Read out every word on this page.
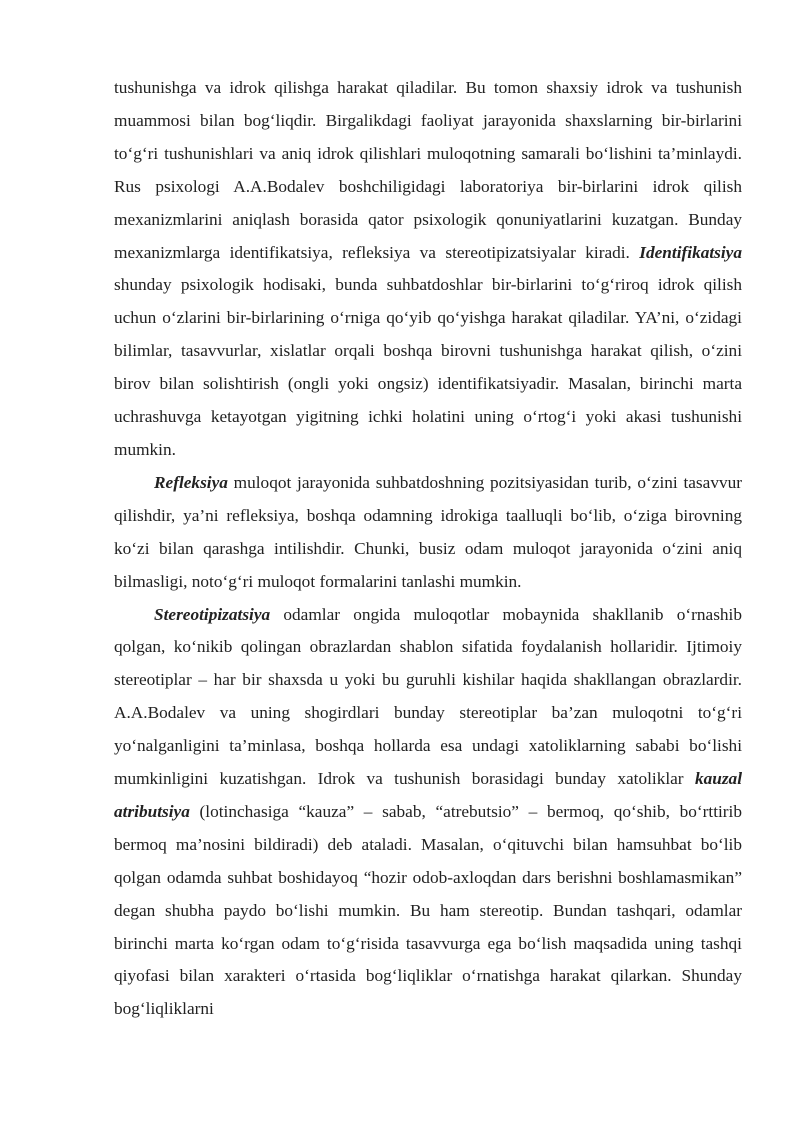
tushunishga va idrok qilishga harakat qiladilar. Bu tomon shaxsiy idrok va tushunish muammosi bilan bog‘liqdir. Birgalikdagi faoliyat jarayonida shaxslarning bir-birlarini to‘g‘ri tushunishlari va aniq idrok qilishlari muloqotning samarali bo‘lishini ta’minlaydi. Rus psixologi A.A.Bodalev boshchiligidagi laboratoriya bir-birlarini idrok qilish mexanizmlarini aniqlash borasida qator psixologik qonuniyatlarini kuzatgan. Bunday mexanizmlarga identifikatsiya, refleksiya va stereotipizatsiyalar kiradi. Identifikatsiya shunday psixologik hodisaki, bunda suhbatdoshlar bir-birlarini to‘g‘riroq idrok qilish uchun o‘zlarini bir-birlarining o‘rniga qo‘yib qo‘yishga harakat qiladilar. YA’ni, o‘zidagi bilimlar, tasavvurlar, xislatlar orqali boshqa birovni tushunishga harakat qilish, o‘zini birov bilan solishtirish (ongli yoki ongsiz) identifikatsiyadir. Masalan, birinchi marta uchrashuvga ketayotgan yigitning ichki holatini uning o‘rtog‘i yoki akasi tushunishi mumkin.

Refleksiya muloqot jarayonida suhbatdoshning pozitsiyasidan turib, o‘zini tasavvur qilishdir, ya’ni refleksiya, boshqa odamning idrokiga taalluqli bo‘lib, o‘ziga birovning ko‘zi bilan qarashga intilishdir. Chunki, busiz odam muloqot jarayonida o‘zini aniq bilmasligi, noto‘g‘ri muloqot formalarini tanlashi mumkin.

Stereotipizatsiya odamlar ongida muloqotlar mobaynida shakllanib o‘rnashib qolgan, ko‘nikib qolingan obrazlardan shablon sifatida foydalanish hollaridir. Ijtimoiy stereotiplar – har bir shaxsda u yoki bu guruhli kishilar haqida shakllangan obrazlardir. A.A.Bodalev va uning shogirdlari bunday stereotiplar ba’zan muloqotni to‘g‘ri yo‘nalganligini ta’minlasa, boshqa hollarda esa undagi xatoliklarning sababi bo‘lishi mumkinligini kuzatishgan. Idrok va tushunish borasidagi bunday xatoliklar kauzal atributsiya (lotinchasiga “kauza” – sabab, “atrebutsio” – bermoq, qo‘shib, bo‘rttirib bermoq ma’nosini bildiradi) deb ataladi. Masalan, o‘qituvchi bilan hamsuhbat bo‘lib qolgan odamda suhbat boshidayoq “hozir odob-axloqdan dars berishni boshlamasmikan” degan shubha paydo bo‘lishi mumkin. Bu ham stereotip. Bundan tashqari, odamlar birinchi marta ko‘rgan odam to‘g‘risida tasavvurga ega bo‘lish maqsadida uning tashqi qiyofasi bilan xarakteri o‘rtasida bog‘liqliklar o‘rnatishga harakat qilarkan. Shunday bog‘liqliklarni
